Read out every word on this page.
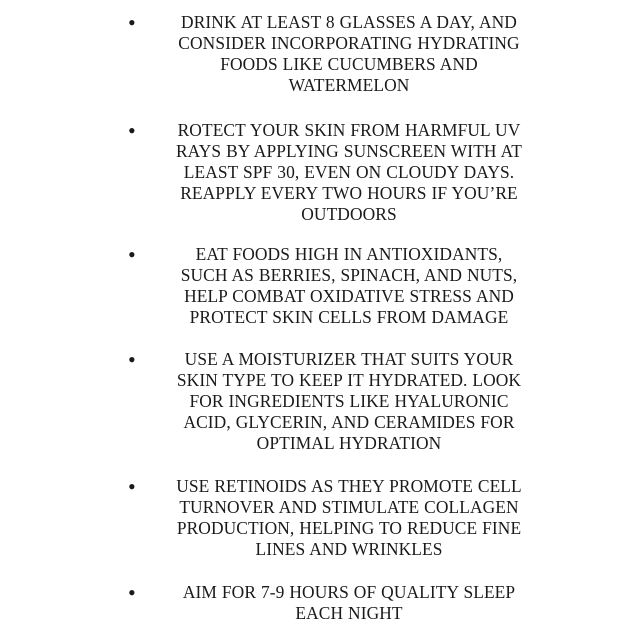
•	DRINK AT LEAST 8 GLASSES A DAY, AND
CONSIDER INCORPORATING HYDRATING
FOODS LIKE CUCUMBERS AND
WATERMELON
•	ROTECT YOUR SKIN FROM HARMFUL UV
RAYS BY APPLYING SUNSCREEN WITH AT
LEAST SPF 30, EVEN ON CLOUDY DAYS.
REAPPLY EVERY TWO HOURS IF YOU’RE
OUTDOORS
•	EAT FOODS HIGH IN ANTIOXIDANTS,
SUCH AS BERRIES, SPINACH, AND NUTS,
HELP COMBAT OXIDATIVE STRESS AND
PROTECT SKIN CELLS FROM DAMAGE
•	USE A MOISTURIZER THAT SUITS YOUR
SKIN TYPE TO KEEP IT HYDRATED. LOOK
FOR INGREDIENTS LIKE HYALURONIC
ACID, GLYCERIN, AND CERAMIDES FOR
OPTIMAL HYDRATION
•	USE RETINOIDS AS THEY PROMOTE CELL
TURNOVER AND STIMULATE COLLAGEN
PRODUCTION, HELPING TO REDUCE FINE
LINES AND WRINKLES
•	AIM FOR 7-9 HOURS OF QUALITY SLEEP
EACH NIGHT
